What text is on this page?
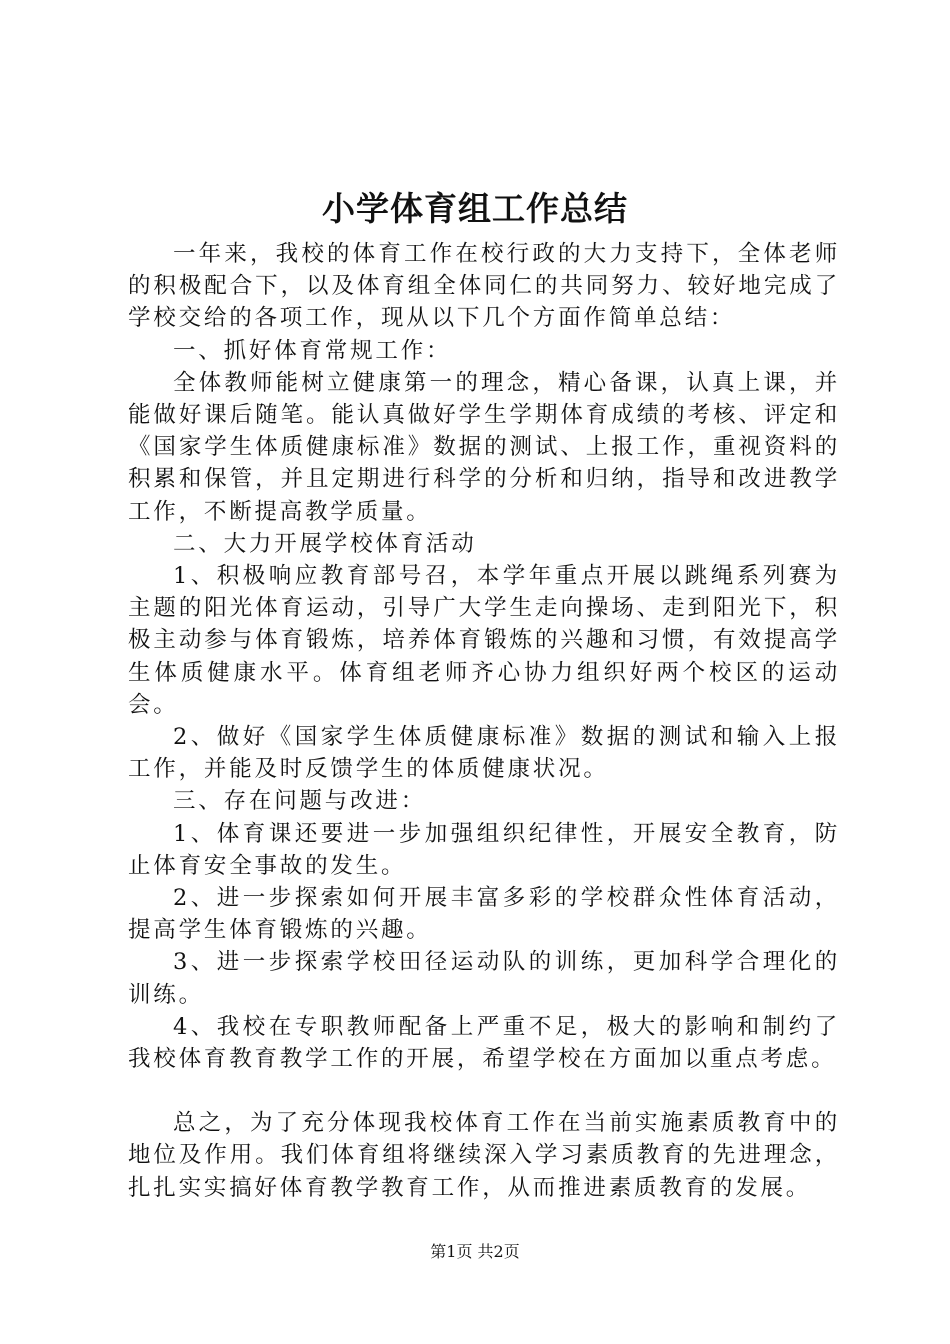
小学体育组工作总结

一年来，我校的体育工作在校行政的大力支持下，全体老师的积极配合下，以及体育组全体同仁的共同努力、较好地完成了学校交给的各项工作，现从以下几个方面作简单总结：

一、抓好体育常规工作：

全体教师能树立健康第一的理念，精心备课，认真上课，并能做好课后随笔。能认真做好学生学期体育成绩的考核、评定和《国家学生体质健康标准》数据的测试、上报工作，重视资料的积累和保管，并且定期进行科学的分析和归纳，指导和改进教学工作，不断提高教学质量。

二、大力开展学校体育活动

1、积极响应教育部号召，本学年重点开展以跳绳系列赛为主题的阳光体育运动，引导广大学生走向操场、走到阳光下，积极主动参与体育锻炼，培养体育锻炼的兴趣和习惯，有效提高学生体质健康水平。体育组老师齐心协力组织好两个校区的运动会。

2、做好《国家学生体质健康标准》数据的测试和输入上报工作，并能及时反馈学生的体质健康状况。

三、存在问题与改进：

1、体育课还要进一步加强组织纪律性，开展安全教育，防止体育安全事故的发生。

2、进一步探索如何开展丰富多彩的学校群众性体育活动，提高学生体育锻炼的兴趣。

3、进一步探索学校田径运动队的训练，更加科学合理化的训练。

4、我校在专职教师配备上严重不足，极大的影响和制约了我校体育教育教学工作的开展，希望学校在方面加以重点考虑。

总之，为了充分体现我校体育工作在当前实施素质教育中的地位及作用。我们体育组将继续深入学习素质教育的先进理念，扎扎实实搞好体育教学教育工作，从而推进素质教育的发展。

第1页 共2页
